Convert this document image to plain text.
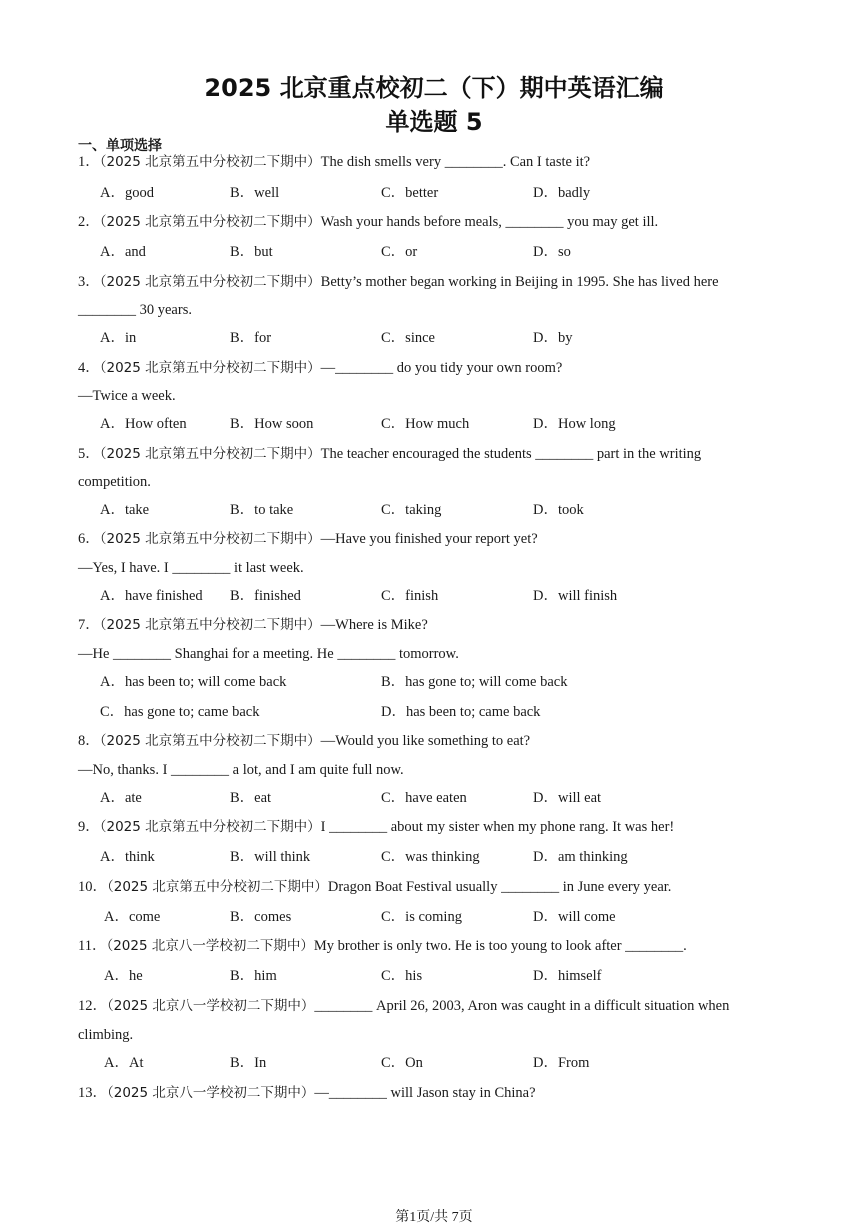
2025 北京重点校初二（下）期中英语汇编
单选题 5
一、单项选择
1．（2025 北京第五中分校初二下期中）The dish smells very ________. Can I taste it?
A．good	B．well	C．better	D．badly
2．（2025 北京第五中分校初二下期中）Wash your hands before meals, ________ you may get ill.
A．and	B．but	C．or	D．so
3．（2025 北京第五中分校初二下期中）Betty’s mother began working in Beijing in 1995. She has lived here
________ 30 years.
A．in	B．for	C．since	D．by
4．（2025 北京第五中分校初二下期中）—________ do you tidy your own room?
—Twice a week.
A．How often	B．How soon	C．How much	D．How long
5．（2025 北京第五中分校初二下期中）The teacher encouraged the students ________ part in the writing
competition.
A．take	B．to take	C．taking	D．took
6．（2025 北京第五中分校初二下期中）—Have you finished your report yet?
—Yes, I have. I ________ it last week.
A．have finished B．finished	C．finish	D．will finish
7．（2025 北京第五中分校初二下期中）—Where is Mike?
—He ________ Shanghai for a meeting. He ________ tomorrow.
A．has been to; will come back	B．has gone to; will come back
C．has gone to; came back	D．has been to; came back
8．（2025 北京第五中分校初二下期中）—Would you like something to eat?
—No, thanks. I ________ a lot, and I am quite full now.
A．ate	B．eat	C．have eaten	D．will eat
9．（2025 北京第五中分校初二下期中）I ________ about my sister when my phone rang. It was her!
A．think	B．will think	C．was thinking	D．am thinking
10．（2025 北京第五中分校初二下期中）Dragon Boat Festival usually ________ in June every year.
A．come	B．comes	C．is coming	D．will come
11．（2025 北京八一学校初二下期中）My brother is only two. He is too young to look after ________.
A．he	B．him	C．his	D．himself
12．（2025 北京八一学校初二下期中）________ April 26, 2003, Aron was caught in a difficult situation when
climbing.
A．At	B．In	C．On	D．From
13．（2025 北京八一学校初二下期中）—________ will Jason stay in China?
第1页/共 7页
